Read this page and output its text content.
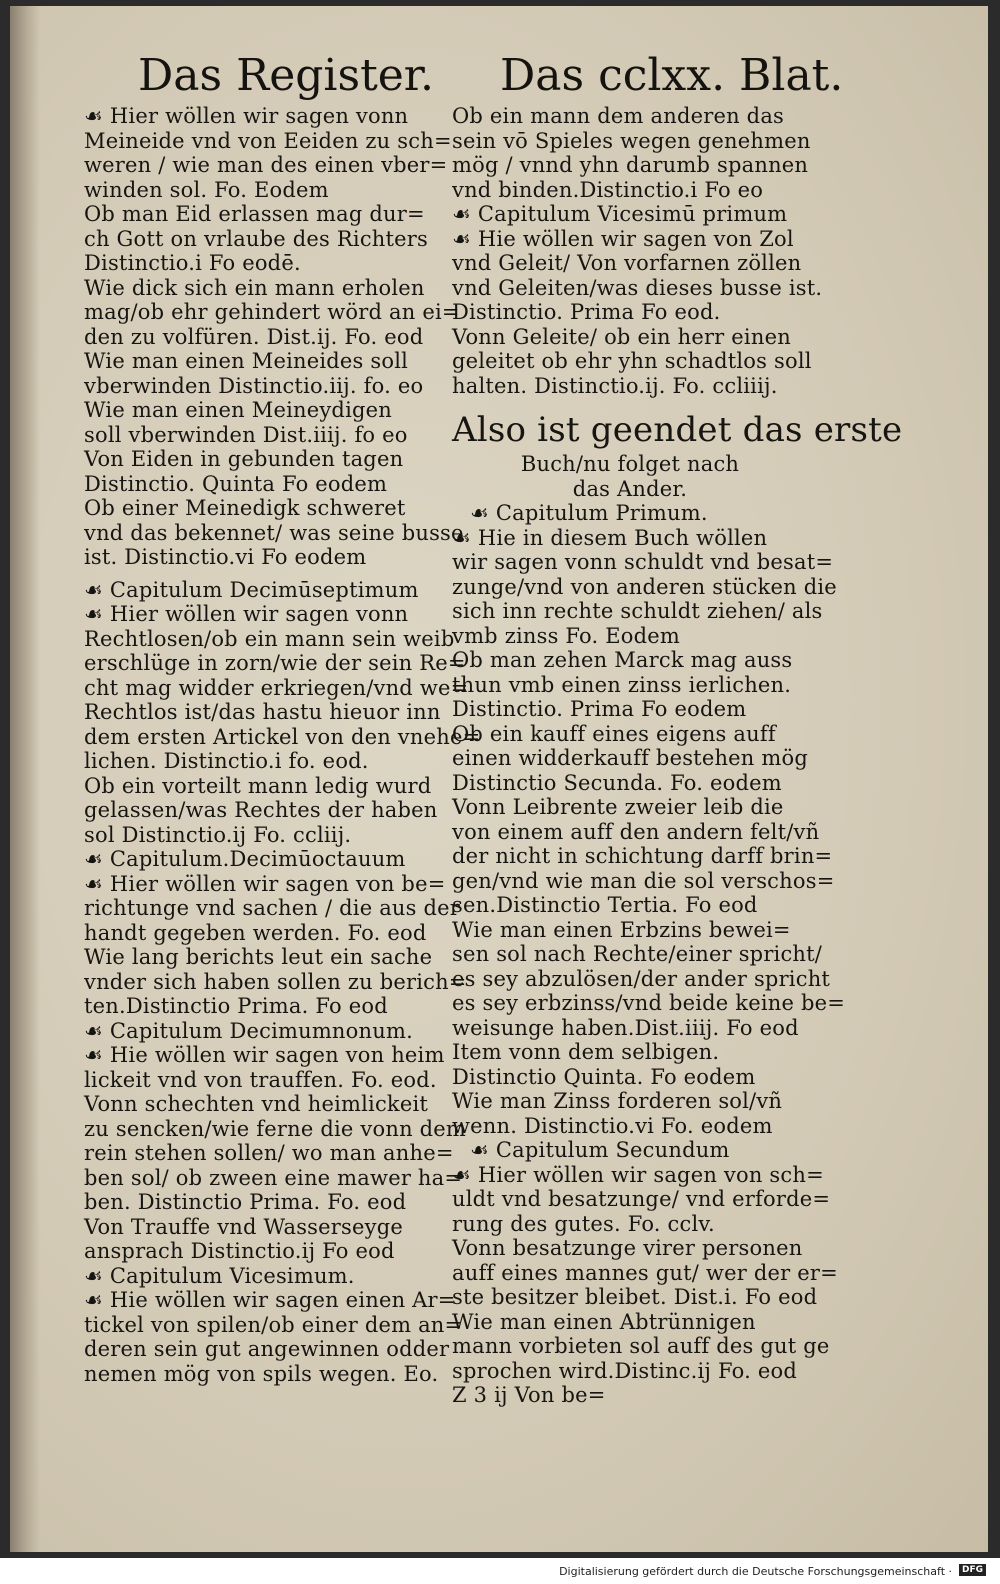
Das Register. Das cclxx. Blat.
☙ Hier wöllen wir sagen vonn
Meineide vnd von Eeiden zu sch=
weren / wie man des einen vber=
winden sol. Fo. Eodem
Ob man Eid erlassen mag dur=
ch Gott on vrlaube des Richters
Distinctio.i Fo eodē.
Wie dick sich ein mann erholen
mag/ob ehr gehindert wörd an ei=
den zu volfüren. Dist.ij. Fo. eod
Wie man einen Meineides soll
vberwinden Distinctio.iij. fo. eo
Wie man einen Meineydigen
soll vberwinden Dist.iiij. fo eo
Von Eiden in gebunden tagen
Distinctio. Quinta Fo eodem
Ob einer Meinedigk schweret
vnd das bekennet/ was seine busse
ist. Distinctio.vi Fo eodem
☙ Capitulum Decimūseptimum
☙ Hier wöllen wir sagen vonn
Rechtlosen/ob ein mann sein weib
erschlüge in zorn/wie der sein Re=
cht mag widder erkriegen/vnd we=
Rechtlos ist/das hastu hieuor inn
dem ersten Artickel von den vnehe=
lichen. Distinctio.i fo. eod.
Ob ein vorteilt mann ledig wurd
gelassen/was Rechtes der haben
sol Distinctio.ij Fo. ccliij.
☙ Capitulum.Decimūoctauum
☙ Hier wöllen wir sagen von be=
richtunge vnd sachen / die aus der
handt gegeben werden. Fo. eod
Wie lang berichts leut ein sache
vnder sich haben sollen zu berich=
ten.Distinctio Prima. Fo eod
☙ Capitulum Decimumnonum.
☙ Hie wöllen wir sagen von heim
lickeit vnd von trauffen. Fo. eod.
Vonn schechten vnd heimlickeit
zu sencken/wie ferne die vonn dem
rein stehen sollen/ wo man anhe=
ben sol/ ob zween eine mawer ha=
ben. Distinctio Prima. Fo. eod
Von Trauffe vnd Wasserseyge
ansprach Distinctio.ij Fo eod
☙ Capitulum Vicesimum.
☙ Hie wöllen wir sagen einen Ar=
tickel von spilen/ob einer dem an=
deren sein gut angewinnen odder
nemen mög von spils wegen. Eo.
Ob ein mann dem anderen das
sein vō Spieles wegen genehmen
mög / vnnd yhn darumb spannen
vnd binden.Distinctio.i Fo eo
☙ Capitulum Vicesimū primum
☙ Hie wöllen wir sagen von Zol
vnd Geleit/ Von vorfarnen zöllen
vnd Geleiten/was dieses busse ist.
Distinctio. Prima Fo eod.
Vonn Geleite/ ob ein herr einen
geleitet ob ehr yhn schadtlos soll
halten. Distinctio.ij. Fo. ccliiij.
Also ist geendet das erste
Buch/nu folget nach
das Ander.
☙ Capitulum Primum.
☙ Hie in diesem Buch wöllen
wir sagen vonn schuldt vnd besat=
zunge/vnd von anderen stücken die
sich inn rechte schuldt ziehen/ als
vmb zinss Fo. Eodem
Ob man zehen Marck mag auss
thun vmb einen zinss ierlichen.
Distinctio. Prima Fo eodem
Ob ein kauff eines eigens auff
einen widderkauff bestehen mög
Distinctio Secunda. Fo. eodem
Vonn Leibrente zweier leib die
von einem auff den andern felt/vñ
der nicht in schichtung darff brin=
gen/vnd wie man die sol verschos=
sen.Distinctio Tertia. Fo eod
Wie man einen Erbzins bewei=
sen sol nach Rechte/einer spricht/
es sey abzulösen/der ander spricht
es sey erbzinss/vnd beide keine be=
weisunge haben.Dist.iiij. Fo eod
Item vonn dem selbigen.
Distinctio Quinta. Fo eodem
Wie man Zinss forderen sol/vñ
wenn. Distinctio.vi Fo. eodem
☙ Capitulum Secundum
☙ Hier wöllen wir sagen von sch=
uldt vnd besatzunge/ vnd erforde=
rung des gutes. Fo. cclv.
Vonn besatzunge virer personen
auff eines mannes gut/ wer der er=
ste besitzer bleibet. Dist.i. Fo eod
Wie man einen Abtrünnigen
mann vorbieten sol auff des gut ge
sprochen wird.Distinc.ij Fo. eod
Z 3 ij Von be=
Digitalisierung gefördert durch die Deutsche Forschungsgemeinschaft ·	DFG
